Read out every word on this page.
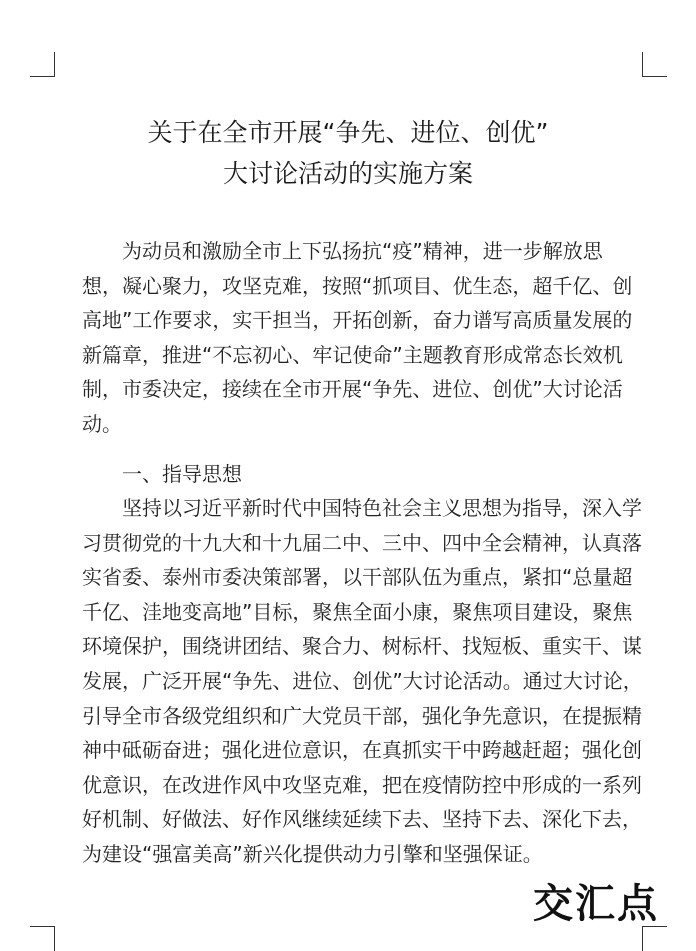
关于在全市开展“争先、进位、创优”
大讨论活动的实施方案
　　为动员和激励全市上下弘扬抗“疫”精神，进一步解放思
想，凝心聚力，攻坚克难，按照“抓项目、优生态，超千亿、创
高地”工作要求，实干担当，开拓创新，奋力谱写高质量发展的
新篇章，推进“不忘初心、牢记使命”主题教育形成常态长效机
制，市委决定，接续在全市开展“争先、进位、创优”大讨论活
动。
　　一、指导思想
　　坚持以习近平新时代中国特色社会主义思想为指导，深入学
习贯彻党的十九大和十九届二中、三中、四中全会精神，认真落
实省委、泰州市委决策部署，以干部队伍为重点，紧扣“总量超
千亿、洼地变高地”目标，聚焦全面小康，聚焦项目建设，聚焦
环境保护，围绕讲团结、聚合力、树标杆、找短板、重实干、谋
发展，广泛开展“争先、进位、创优”大讨论活动。通过大讨论，
引导全市各级党组织和广大党员干部，强化争先意识，在提振精
神中砥砺奋进；强化进位意识，在真抓实干中跨越赶超；强化创
优意识，在改进作风中攻坚克难，把在疫情防控中形成的一系列
好机制、好做法、好作风继续延续下去、坚持下去、深化下去，
为建设“强富美高”新兴化提供动力引擎和坚强保证。
交汇点
